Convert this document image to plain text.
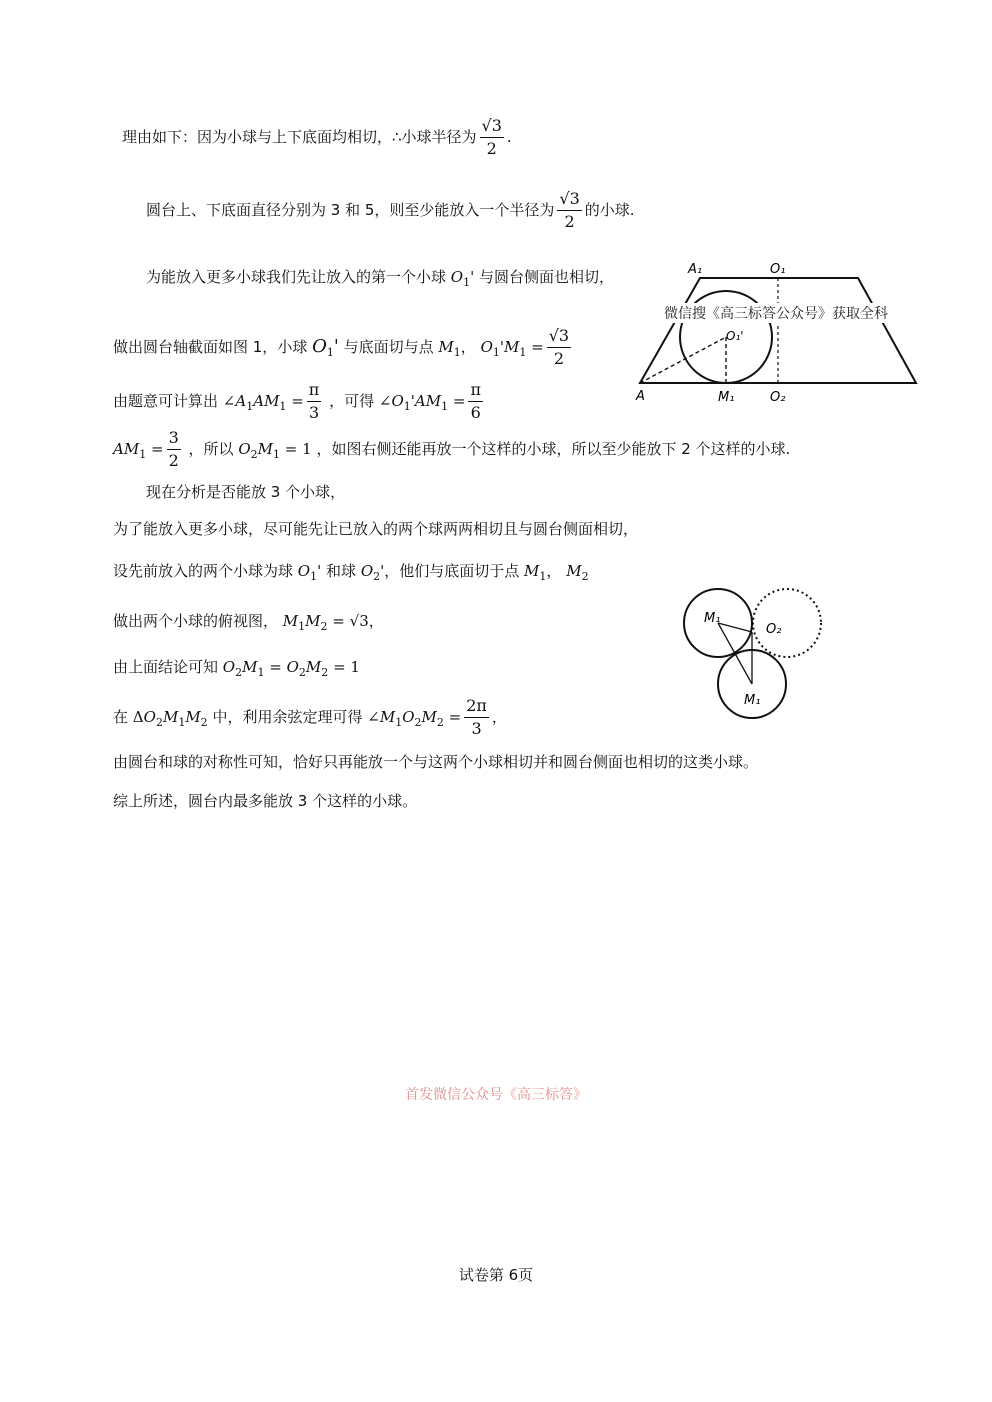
理由如下：因为小球与上下底面均相切，∴小球半径为 $\frac{√3}{2}$ .
圆台上、下底面直径分别为 3 和 5，则至少能放入一个半径为 $\frac{√3}{2}$ 的小球.
为能放入更多小球我们先让放入的第一个小球 $O_1'$ 与圆台侧面也相切，
做出圆台轴截面如图 1，小球 $O_1'$ 与底面切与点 $M_1$， $O_1'M_1 = \frac{√3}{2}$
由题意可计算出 $\angle A_1AM_1 = \frac{\pi}{3}$ ，可得 $\angle O_1'AM_1 = \frac{\pi}{6}$
$AM_1 = \frac{3}{2}$ ，所以 $O_2M_1 = 1$ ，如图右侧还能再放一个这样的小球，所以至少能放下 2 个这样的小球.
现在分析是否能放 3 个小球，
为了能放入更多小球，尽可能先让已放入的两个球两两相切且与圆台侧面相切，
设先前放入的两个小球为球 $O_1'$ 和球 $O_2'$，他们与底面切于点 $M_1$， $M_2$
做出两个小球的俯视图， $M_1M_2 = √3$，
由上面结论可知 $O_2M_1 = O_2M_2 = 1$
在 $\Delta O_2M_1M_2$ 中，利用余弦定理可得 $\angle M_1O_2M_2 = \frac{2\pi}{3}$ ，
由圆台和球的对称性可知，恰好只再能放一个与这两个小球相切并和圆台侧面也相切的这类小球。
综上所述，圆台内最多能放 3 个这样的小球。
A₁	O₁
O₁'
A	M₁	O₂
微信搜《高三标答公众号》获取全科
M₁
O₂
M₁
首发微信公众号《高三标答》
试卷第 6页
